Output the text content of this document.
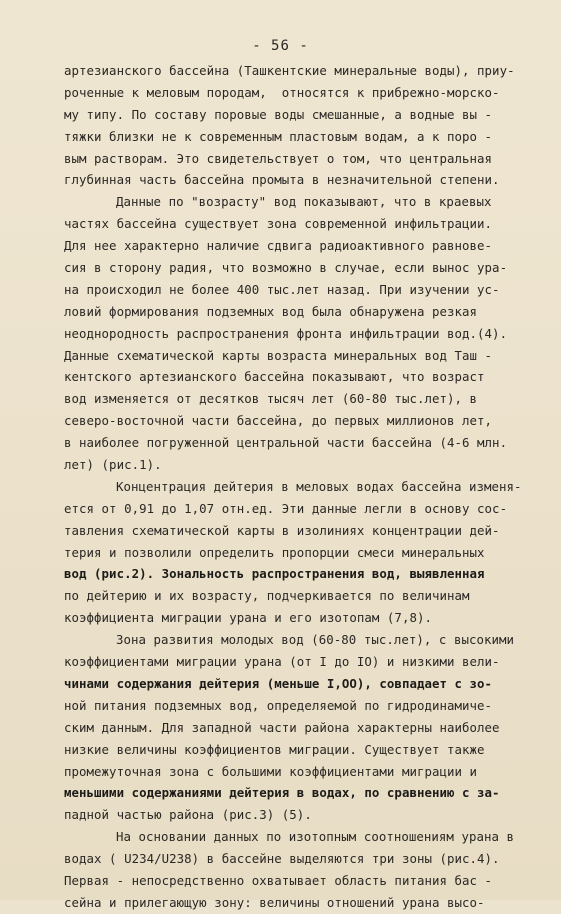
- 56 -
артезианского бассейна (Ташкентские минеральные воды), приу-
роченные к меловым породам,  относятся к прибрежно-морско-
му типу. По составу поровые воды смешанные, а водные вы -
тяжки близки не к современным пластовым водам, а к поро -
вым растворам. Это свидетельствует о том, что центральная
глубинная часть бассейна промыта в незначительной степени.
Данные по "возрасту" вод показывают, что в краевых
частях бассейна существует зона современной инфильтрации.
Для нее характерно наличие сдвига радиоактивного равнове-
сия в сторону радия, что возможно в случае, если вынос ура-
на происходил не более 400 тыс.лет назад. При изучении ус-
ловий формирования подземных вод была обнаружена резкая
неоднородность распространения фронта инфильтрации вод.(4).
Данные схематической карты возраста минеральных вод Таш -
кентского артезианского бассейна показывают, что возраст
вод изменяется от десятков тысяч лет (60-80 тыс.лет), в
северо-восточной части бассейна, до первых миллионов лет,
в наиболее погруженной центральной части бассейна (4-6 млн.
лет) (рис.1).
Концентрация дейтерия в меловых водах бассейна изменя-
ется от 0,91 до 1,07 отн.ед. Эти данные легли в основу сос-
тавления схематической карты в изолиниях концентрации дей-
терия и позволили определить пропорции смеси минеральных
вод (рис.2). Зональность распространения вод, выявленная
по дейтерию и их возрасту, подчеркивается по величинам
коэффициента миграции урана и его изотопам (7,8).
Зона развития молодых вод (60-80 тыс.лет), с высокими
коэффициентами миграции урана (от I до IO) и низкими вели-
чинами содержания дейтерия (меньше I,OO), совпадает с зо-
ной питания подземных вод, определяемой по гидродинамиче-
ским данным. Для западной части района характерны наиболее
низкие величины коэффициентов миграции. Существует также
промежуточная зона с большими коэффициентами миграции и
меньшими содержаниями дейтерия в водах, по сравнению с за-
падной частью района (рис.3) (5).
На основании данных по изотопным соотношениям урана в
водах ( U234/U238) в бассейне выделяются три зоны (рис.4).
Первая - непосредственно охватывает область питания бас -
сейна и прилегающую зону: величины отношений урана высо-
